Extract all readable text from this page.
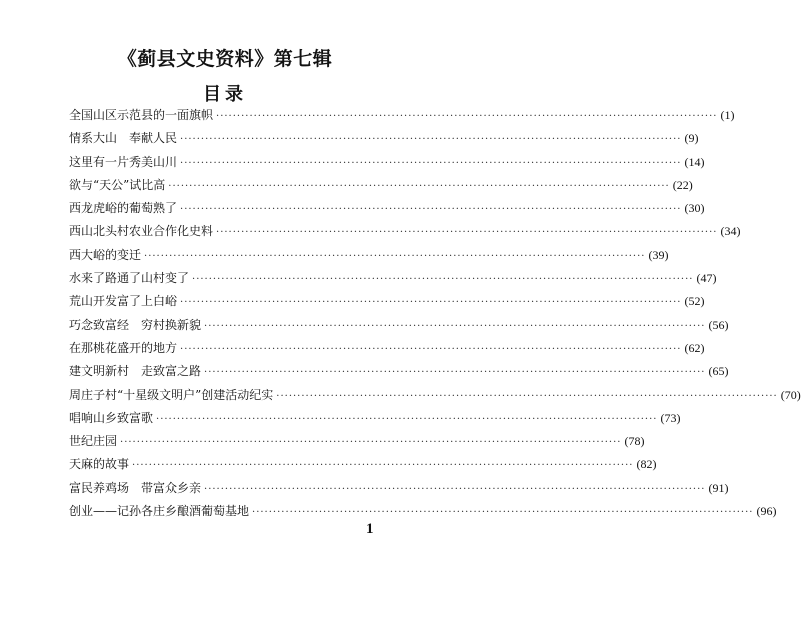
《蓟县文史资料》第七辑
目录
全国山区示范县的一面旗帜 ························································································································ (1)
情系大山　奉献人民 ························································································································ (9)
这里有一片秀美山川 ························································································································ (14)
欲与“天公”试比高 ························································································································ (22)
西龙虎峪的葡萄熟了 ························································································································ (30)
西山北头村农业合作化史料 ························································································································ (34)
西大峪的变迁 ························································································································ (39)
水来了路通了山村变了 ························································································································ (47)
荒山开发富了上白峪 ························································································································ (52)
巧念致富经　穷村换新貌 ························································································································ (56)
在那桃花盛开的地方 ························································································································ (62)
建文明新村　走致富之路 ························································································································ (65)
周庄子村“十星级文明户”创建活动纪实 ························································································································ (70)
唱响山乡致富歌 ························································································································ (73)
世纪庄园 ························································································································ (78)
天麻的故事 ························································································································ (82)
富民养鸡场　带富众乡亲 ························································································································ (91)
创业——记孙各庄乡酿酒葡萄基地 ························································································································ (96)
1
